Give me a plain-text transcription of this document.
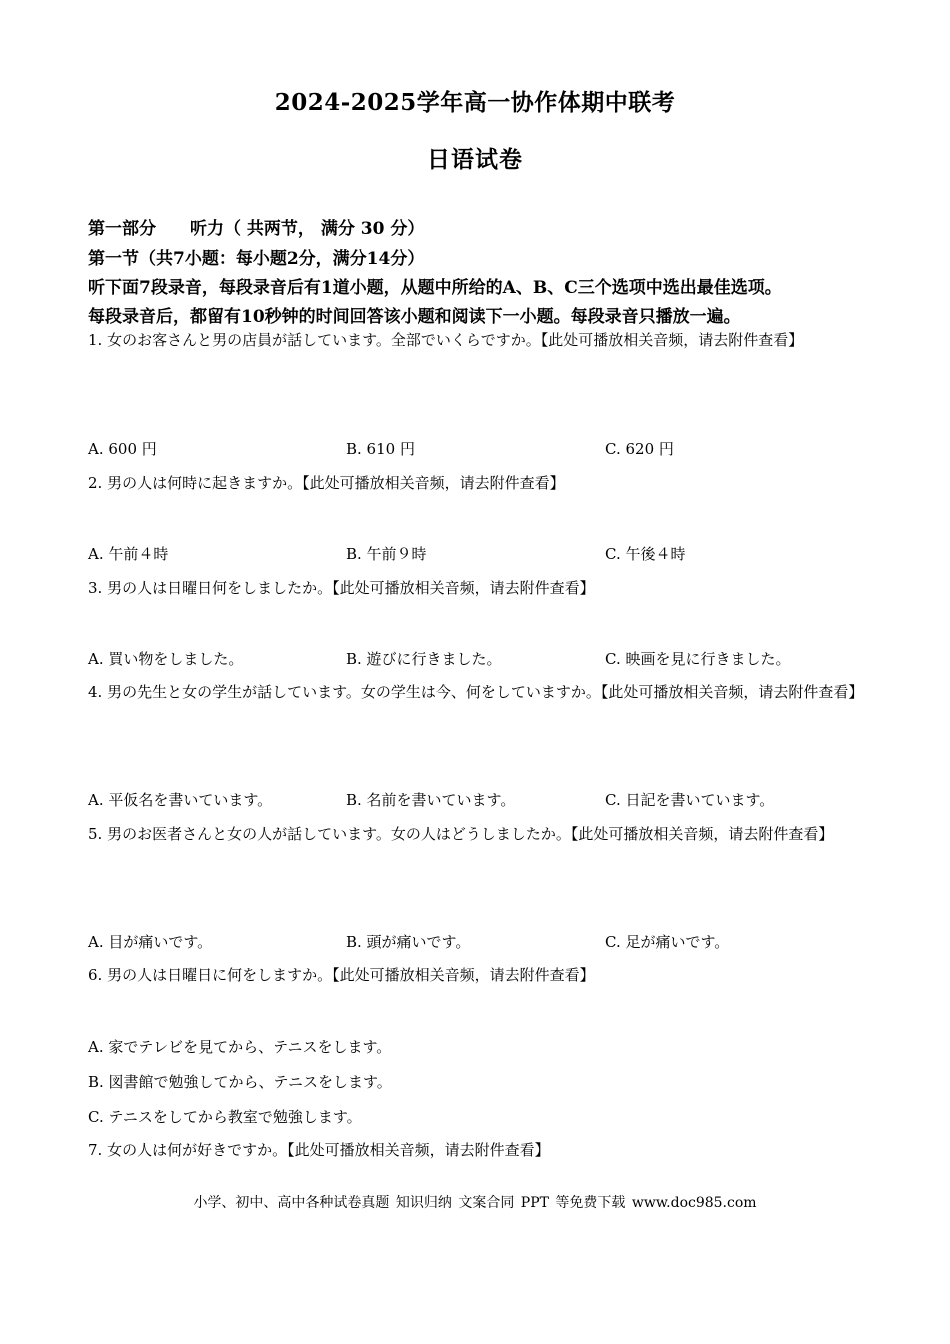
2024-2025学年高一协作体期中联考
日语试卷
第一部分　　听力（ 共两节， 满分 30 分）
第一节（共7小题：每小题2分，满分14分）
听下面7段录音，每段录音后有1道小题，从题中所给的A、B、C三个选项中选出最佳选项。
每段录音后，都留有10秒钟的时间回答该小题和阅读下一小题。每段录音只播放一遍。
1. 女のお客さんと男の店員が話しています。全部でいくらですか。【此处可播放相关音频，请去附件查看】
A. 600 円	B. 610 円	C. 620 円
2. 男の人は何時に起きますか。【此处可播放相关音频，请去附件查看】
A. 午前４時	B. 午前９時	C. 午後４時
3. 男の人は日曜日何をしましたか。【此处可播放相关音频，请去附件查看】
A. 買い物をしました。	B. 遊びに行きました。	C. 映画を見に行きました。
4. 男の先生と女の学生が話しています。女の学生は今、何をしていますか。【此处可播放相关音频，请去附件查看】
A. 平仮名を書いています。	B. 名前を書いています。	C. 日記を書いています。
5. 男のお医者さんと女の人が話しています。女の人はどうしましたか。【此处可播放相关音频，请去附件查看】
A. 目が痛いです。	B. 頭が痛いです。	C. 足が痛いです。
6. 男の人は日曜日に何をしますか。【此处可播放相关音频，请去附件查看】
A. 家でテレビを見てから、テニスをします。
B. 図書館で勉強してから、テニスをします。
C. テニスをしてから教室で勉強します。
7. 女の人は何が好きですか。【此处可播放相关音频，请去附件查看】
小学、初中、高中各种试卷真题 知识归纳 文案合同 PPT 等免费下载 www.doc985.com
